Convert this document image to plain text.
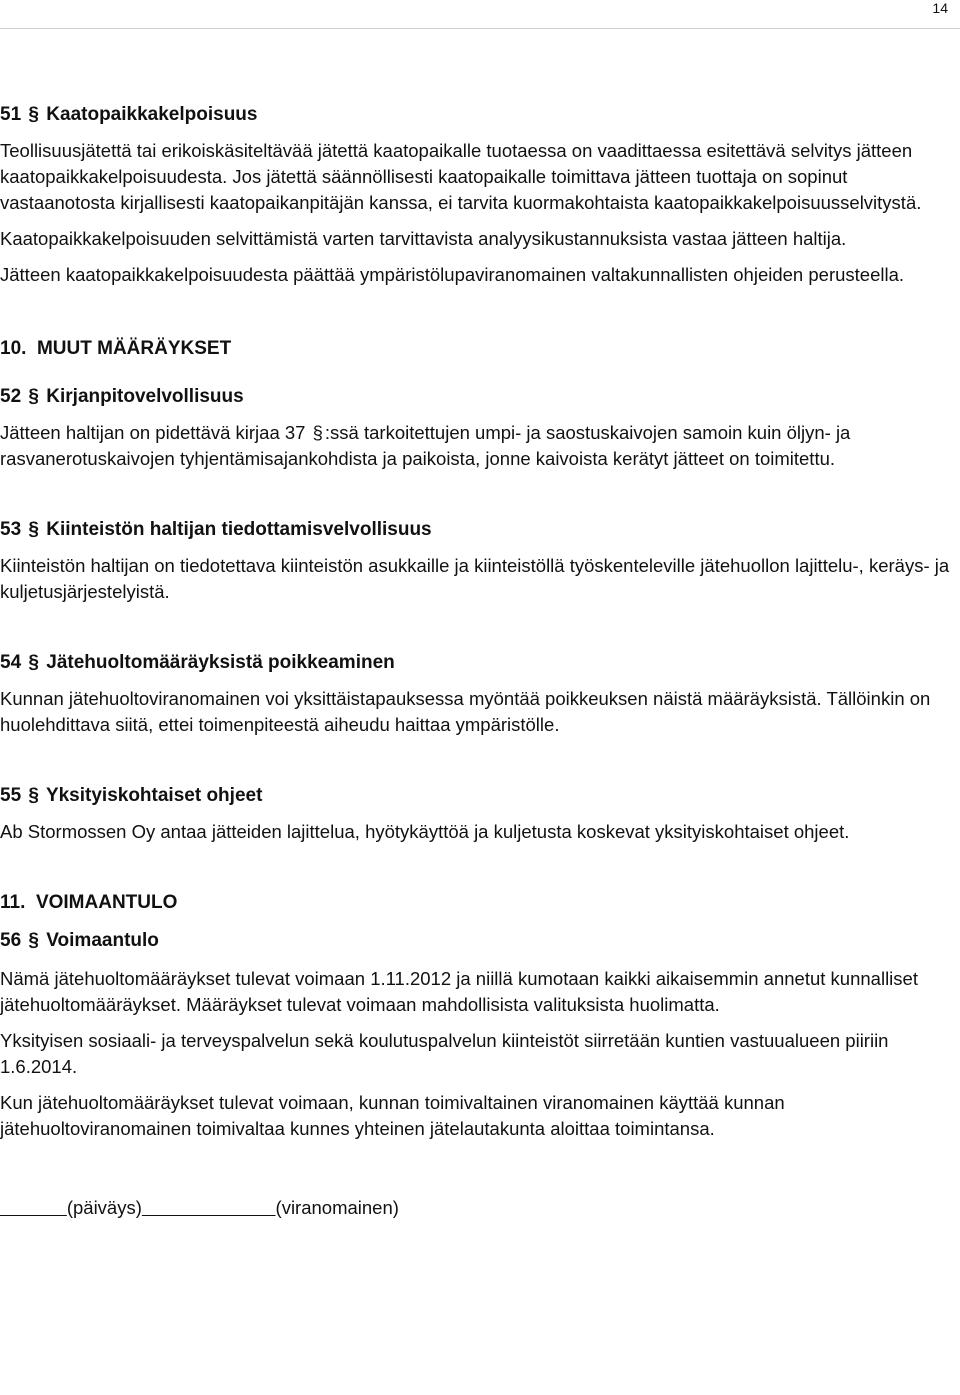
14
51 § Kaatopaikkakelpoisuus

Teollisuusjätettä tai erikoiskäsiteltävää jätettä kaatopaikalle tuotaessa on vaadittaessa esitettävä selvitys jätteen kaatopaikkakelpoisuudesta. Jos jätettä säännöllisesti kaatopaikalle toimittava jätteen tuottaja on sopinut vastaanotosta kirjallisesti kaatopaikanpitäjän kanssa, ei tarvita kuormakohtaista kaatopaikkakelpoisuusselvitystä.

Kaatopaikkakelpoisuuden selvittämistä varten tarvittavista analyysikustannuksista vastaa jätteen haltija.

Jätteen kaatopaikkakelpoisuudesta päättää ympäristölupaviranomainen valtakunnallisten ohjeiden perusteella.

10. MUUT MÄÄRÄYKSET
52 § Kirjanpitovelvollisuus

Jätteen haltijan on pidettävä kirjaa 37 § :ssä tarkoitettujen umpi- ja saostuskaivojen samoin kuin öljyn- ja rasvanerotuskaivojen tyhjentämisajankohdista ja paikoista, jonne kaivoista kerätyt jätteet on toimitettu.

53 § Kiinteistön haltijan tiedottamisvelvollisuus

Kiinteistön haltijan on tiedotettava kiinteistön asukkaille ja kiinteistöllä työskenteleville jätehuollon lajittelu-, keräys- ja kuljetusjärjestelyistä.

54 § Jätehuoltomääräyksistä poikkeaminen

Kunnan jätehuoltoviranomainen voi yksittäistapauksessa myöntää poikkeuksen näistä määräyksistä. Tällöinkin on huolehdittava siitä, ettei toimenpiteestä aiheudu haittaa ympäristölle.

55 § Yksityiskohtaiset ohjeet

Ab Stormossen Oy antaa jätteiden lajittelua, hyötykäyttöä ja kuljetusta koskevat yksityiskohtaiset ohjeet.

11. VOIMAANTULO
56 § Voimaantulo

Nämä jätehuoltomääräykset tulevat voimaan 1.11.2012 ja niillä kumotaan kaikki aikaisemmin annetut kunnalliset jätehuoltomääräykset. Määräykset tulevat voimaan mahdollisista valituksista huolimatta.

Yksityisen sosiaali- ja terveyspalvelun sekä koulutuspalvelun kiinteistöt siirretään kuntien vastuualueen piiriin 1.6.2014.

Kun jätehuoltomääräykset tulevat voimaan, kunnan toimivaltainen viranomainen käyttää kunnan jätehuoltoviranomainen toimivaltaa kunnes yhteinen jätelautakunta aloittaa toimintansa.

(päiväys)	(viranomainen)
